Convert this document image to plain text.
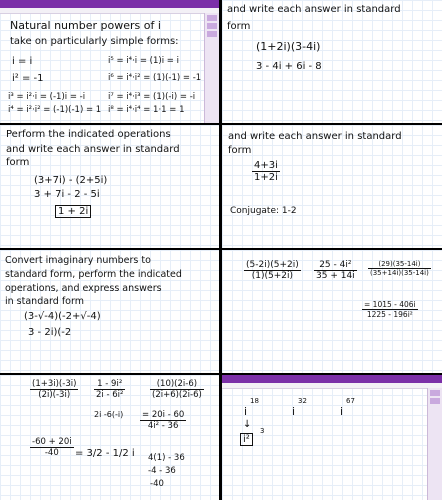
Natural number powers of i
take on particularly simple forms:
i = i
i² = -1
i³ = i²·i = (-1)i = -i
i⁴ = i²·i² = (-1)(-1) = 1
i⁵ = i⁴·i = (1)i = i
i⁶ = i⁴·i² = (1)(-1) = -1
i⁷ = i⁴·i³ = (1)(-i) = -i
i⁸ = i⁴·i⁴ = 1·1 = 1
and write each answer in standard
form
(1+2i)(3-4i)
3 - 4i + 6i - 8
Perform the indicated operations
and write each answer in standard
form
(3+7i) - (2+5i)
3 + 7i - 2 - 5i
1 + 2i
and write each answer in standard
form
$\frac{4+3i}{1+2i}$
Conjugate: 1-2
Convert imaginary numbers to
standard form, perform the indicated
operations, and express answers
in standard form
(3-√-4)(-2+√-4)
3 - 2i)(-2
$\frac{(5-2i)(5+2i)}{(1)(5+2i)} \frac{\text{25 - 4i²}}{35 + 14i} \frac{(29)(35-14i)}{(35+14i)(35-14i)}$
$\frac{= 1015 - 406i}{\text{1225 - 196i²}}$
$\frac{(1+3i)(-3i)}{(2i)(-3i)} \frac{\text{1 - 9i²}}{\text{2i - 6i²}}$	$\frac{(10)(2i-6)}{(2i+6)(2i-6)}$
2i $-6(-i) \frac{= 20i - 60}{\text{4i² - 36}}$
$\frac{-60 + 20i}{-40} = 3/2 - 1/2$ i 4(1) - 36
-4 - 36
-40
i
18
i
32
i
67
↓
i²
3
